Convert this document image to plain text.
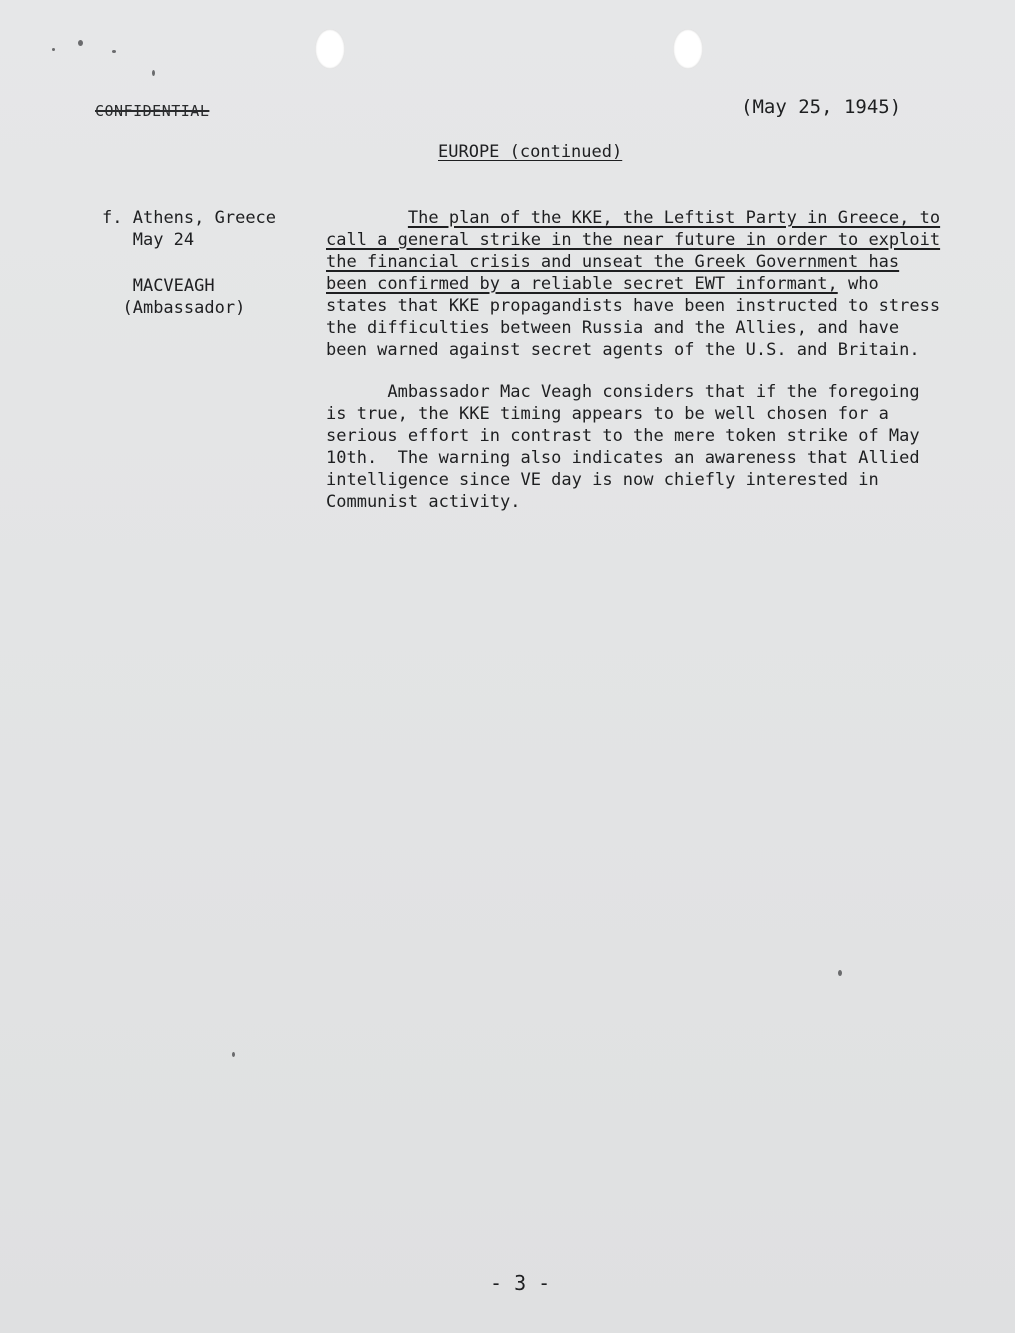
CONFIDENTIAL	(May 25, 1945)
EUROPE (continued)
f. Athens, Greece
May 24
MACVEAGH
(Ambassador)
The plan of the KKE, the Leftist Party in Greece, to
call a general strike in the near future in order to exploit
the financial crisis and unseat the Greek Government has
been confirmed by a reliable secret EWT informant, who
states that KKE propagandists have been instructed to stress
the difficulties between Russia and the Allies, and have
been warned against secret agents of the U.S. and Britain.
Ambassador Mac Veagh considers that if the foregoing
is true, the KKE timing appears to be well chosen for a
serious effort in contrast to the mere token strike of May
10th.  The warning also indicates an awareness that Allied
intelligence since VE day is now chiefly interested in
Communist activity.
- 3 -
